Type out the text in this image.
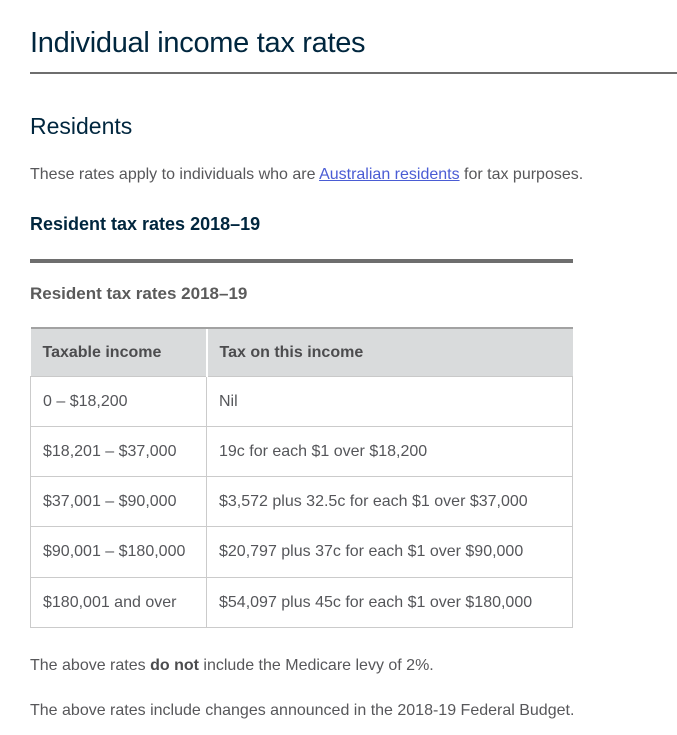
Individual income tax rates
Residents

These rates apply to individuals who are Australian residents for tax purposes.

Resident tax rates 2018–19

Resident tax rates 2018–19

Taxable income	Tax on this income
0 – $18,200	Nil
$18,201 – $37,000	19c for each $1 over $18,200
$37,001 – $90,000	$3,572 plus 32.5c for each $1 over $37,000
$90,001 – $180,000	$20,797 plus 37c for each $1 over $90,000
$180,001 and over	$54,097 plus 45c for each $1 over $180,000

The above rates do not include the Medicare levy of 2%.

The above rates include changes announced in the 2018-19 Federal Budget.
